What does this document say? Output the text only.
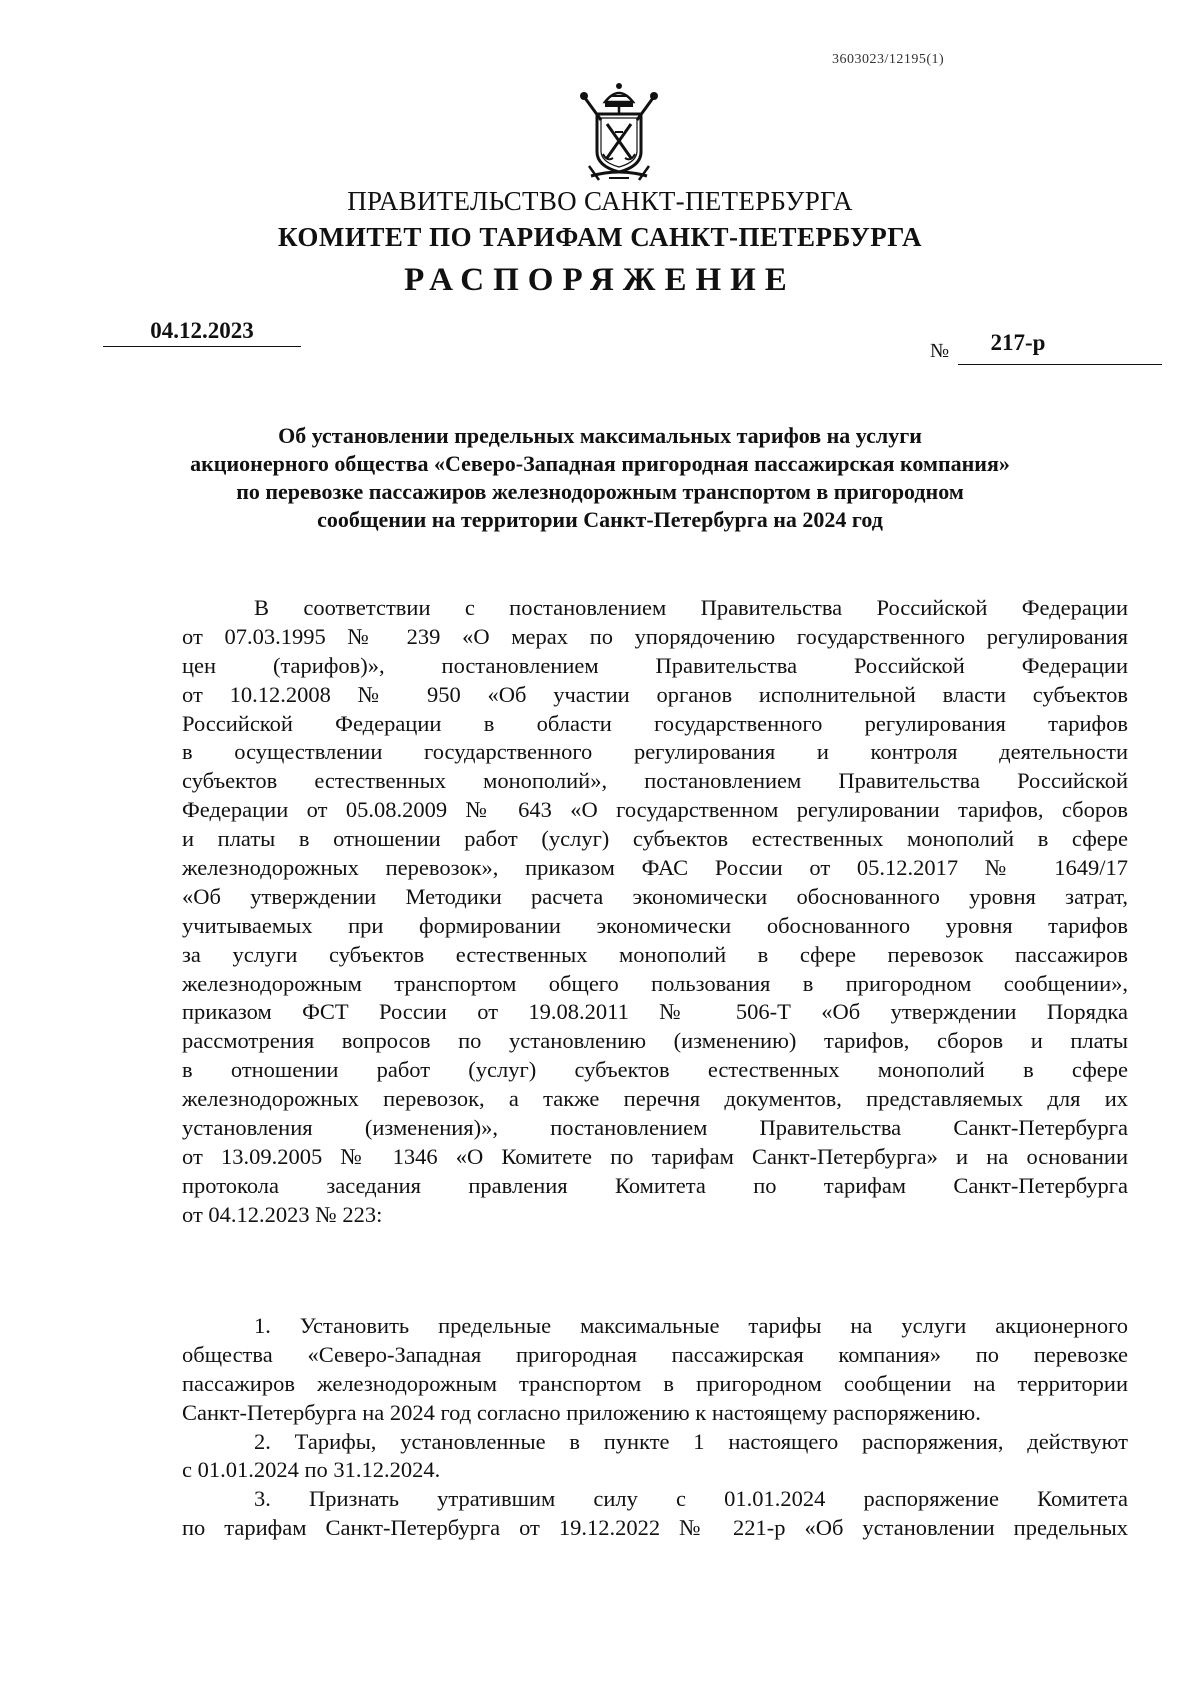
3603023/12195(1)
ПРАВИТЕЛЬСТВО САНКТ-ПЕТЕРБУРГА
КОМИТЕТ ПО ТАРИФАМ САНКТ-ПЕТЕРБУРГА
РАСПОРЯЖЕНИЕ
04.12.2023
№	217-р
Об установлении предельных максимальных тарифов на услуги
акционерного общества «Северо-Западная пригородная пассажирская компания»
по перевозке пассажиров железнодорожным транспортом в пригородном
сообщении на территории Санкт-Петербурга на 2024 год
В соответствии с постановлением Правительства Российской Федерации
от 07.03.1995 № 239 «О мерах по упорядочению государственного регулирования
цен (тарифов)», постановлением Правительства Российской Федерации
от 10.12.2008 № 950 «Об участии органов исполнительной власти субъектов
Российской Федерации в области государственного регулирования тарифов
в осуществлении государственного регулирования и контроля деятельности
субъектов естественных монополий», постановлением Правительства Российской
Федерации от 05.08.2009 № 643 «О государственном регулировании тарифов, сборов
и платы в отношении работ (услуг) субъектов естественных монополий в сфере
железнодорожных перевозок», приказом ФАС России от 05.12.2017 № 1649/17
«Об утверждении Методики расчета экономически обоснованного уровня затрат,
учитываемых при формировании экономически обоснованного уровня тарифов
за услуги субъектов естественных монополий в сфере перевозок пассажиров
железнодорожным транспортом общего пользования в пригородном сообщении»,
приказом ФСТ России от 19.08.2011 № 506-Т «Об утверждении Порядка
рассмотрения вопросов по установлению (изменению) тарифов, сборов и платы
в отношении работ (услуг) субъектов естественных монополий в сфере
железнодорожных перевозок, а также перечня документов, представляемых для их
установления (изменения)», постановлением Правительства Санкт-Петербурга
от 13.09.2005 № 1346 «О Комитете по тарифам Санкт-Петербурга» и на основании
протокола заседания правления Комитета по тарифам Санкт-Петербурга
от 04.12.2023 № 223:
1. Установить предельные максимальные тарифы на услуги акционерного
общества «Северо-Западная пригородная пассажирская компания» по перевозке
пассажиров железнодорожным транспортом в пригородном сообщении на территории
Санкт-Петербурга на 2024 год согласно приложению к настоящему распоряжению.
2. Тарифы, установленные в пункте 1 настоящего распоряжения, действуют
с 01.01.2024 по 31.12.2024.
3. Признать утратившим силу с 01.01.2024 распоряжение Комитета
по тарифам Санкт-Петербурга от 19.12.2022 № 221-р «Об установлении предельных
